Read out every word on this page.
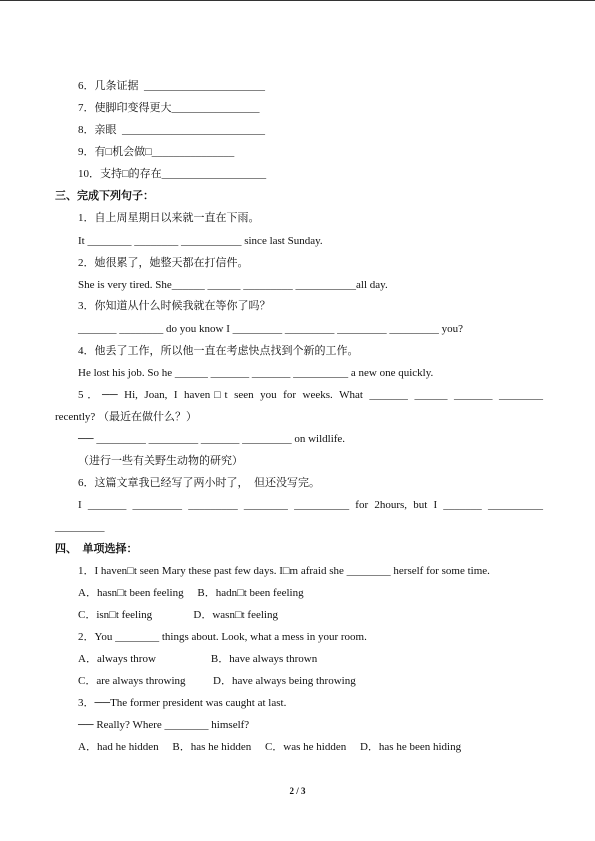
6．几条证据  ______________________
7．使脚印变得更大________________
8．亲眼  __________________________
9．有□机会做□_______________
10．支持□的存在___________________
三、完成下列句子：
1．自上周星期日以来就一直在下雨。
It ________ ________ ___________ since last Sunday.
2．她很累了，她整天都在打信件。
She is very tired. She______ ______ _________ ___________all day.
3．你知道从什么时候我就在等你了吗？
_______ ________ do you know I _________ _________ _________ _________ you?
4．他丢了工作，所以他一直在考虑快点找到个新的工作。
He lost his job. So he ______ _______ _______ __________ a new one quickly.
5．── Hi, Joan, I haven□t seen you for weeks. What _______ ______ _______ ________
recently? （最近在做什么？）
── _________ _________ _______ _________ on wildlife.
（进行一些有关野生动物的研究）
6．这篇文章我已经写了两小时了，  但还没写完。
I _______ _________ _________ ________ __________ for 2hours, but I _______ __________
_________
四、  单项选择：
1．I haven□t seen Mary these past few days. I□m afraid she ________ herself for some time.
A．hasn□t been feeling     B．hadn□t been feeling
C．isn□t feeling               D．wasn□t feeling
2．You ________ things about. Look, what a mess in your room.
A．always throw                    B．have always thrown
C．are always throwing          D．have always being throwing
3．──The former president was caught at last.
── Really? Where ________ himself?
A．had he hidden     B．has he hidden     C．was he hidden     D．has he been hiding
2 / 3
